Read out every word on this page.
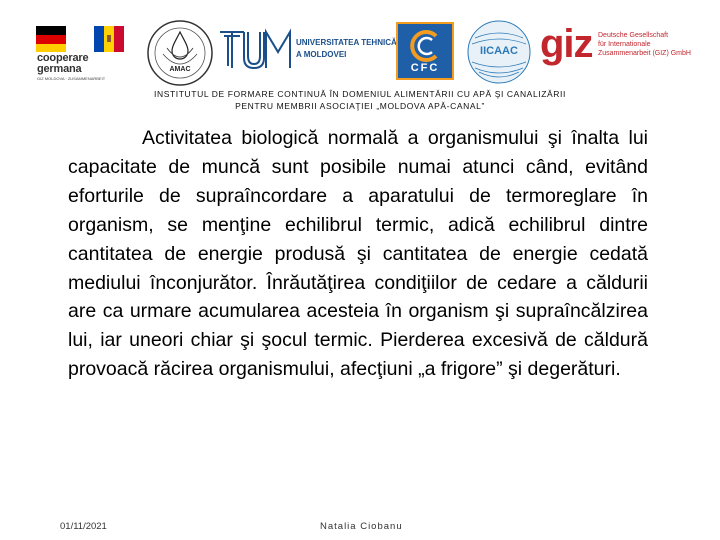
cooperare
germana
GIZ MOLDOVA · ZUSAMMENARBEIT
AMAC
UNIVERSITATEA TEHNICĂ
A MOLDOVEI
CFC
IICAAC giz Deutsche Gesellschaft
für Internationale
Zusammenarbeit (GIZ) GmbH
INSTITUTUL DE FORMARE CONTINUĂ ÎN DOMENIUL ALIMENTĂRII CU APĂ ŞI CANALIZĂRII
PENTRU MEMBRII ASOCIAŢIEI „MOLDOVA APĂ-CANAL”
Activitatea biologică normală a organismului şi înalta lui capacitate de muncă sunt posibile numai atunci când, evitând eforturile de supraîncordare a aparatului de termoreglare în organism, se menţine echilibrul termic, adică echilibrul dintre cantitatea de energie produsă şi cantitatea de energie cedată mediului înconjurător. Înrăutăţirea condiţiilor de cedare a căldurii are ca urmare acumularea acesteia în organism şi supraîncălzirea lui, iar uneori chiar şi şocul termic. Pierderea excesivă de căldură provoacă răcirea organismului, afecţiuni „a frigore” şi degerături.
01/11/2021	Natalia Ciobanu
